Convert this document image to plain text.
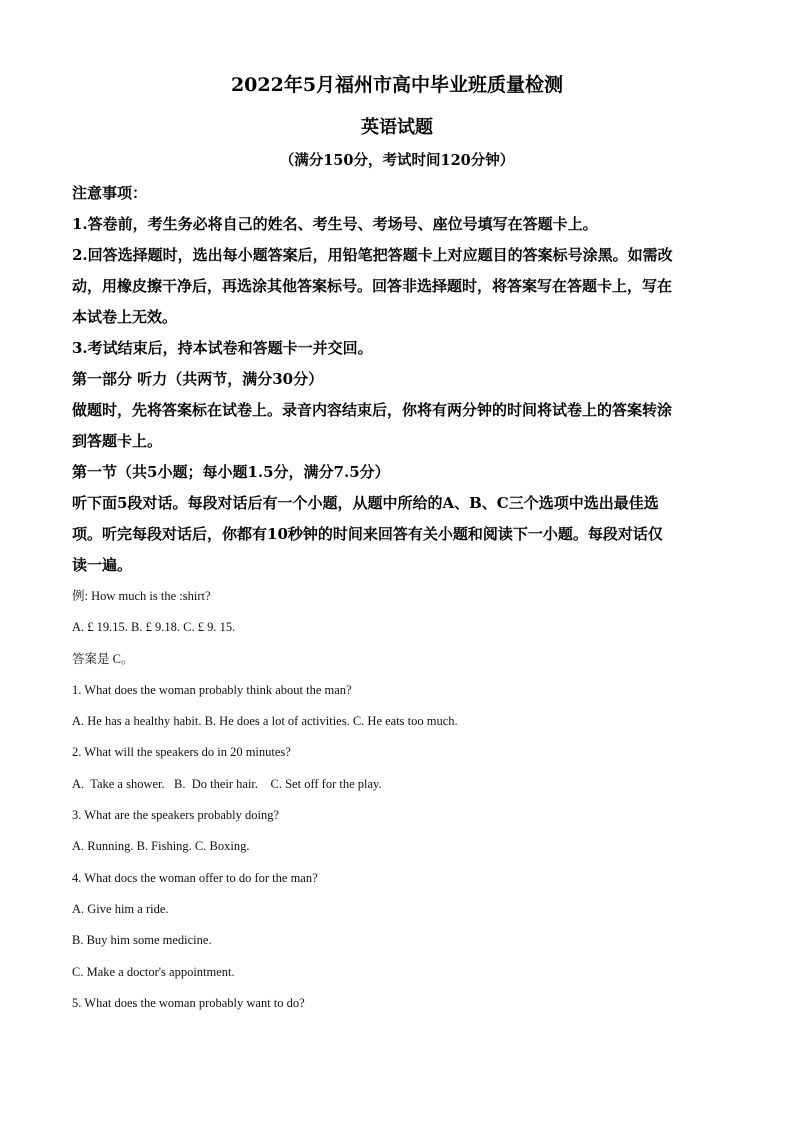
2022年5月福州市高中毕业班质量检测
英语试题
（满分150分，考试时间120分钟）
注意事项：
1.答卷前，考生务必将自己的姓名、考生号、考场号、座位号填写在答题卡上。
2.回答选择题时，选出每小题答案后，用铅笔把答题卡上对应题目的答案标号涂黑。如需改
动，用橡皮擦干净后，再选涂其他答案标号。回答非选择题时，将答案写在答题卡上，写在
本试卷上无效。
3.考试结束后，持本试卷和答题卡一并交回。
第一部分 听力（共两节，满分30分）
做题时，先将答案标在试卷上。录音内容结束后，你将有两分钟的时间将试卷上的答案转涂
到答题卡上。
第一节（共5小题；每小题1.5分，满分7.5分）
听下面5段对话。每段对话后有一个小题，从题中所给的A、B、C三个选项中选出最佳选
项。听完每段对话后，你都有10秒钟的时间来回答有关小题和阅读下一小题。每段对话仅
读一遍。
例: How much is the :shirt?
A. £ 19.15. B. £ 9.18. C. £ 9. 15.
答案是 C。
1. What does the woman probably think about the man?
A. He has a healthy habit. B. He does a lot of activities. C. He eats too much.
2. What will the speakers do in 20 minutes?
A.  Take a shower.   B.  Do their hair.    C. Set off for the play.
3. What are the speakers probably doing?
A. Running. B. Fishing. C. Boxing.
4. What docs the woman offer to do for the man?
A. Give him a ride.
B. Buy him some medicine.
C. Make a doctor's appointment.
5. What does the woman probably want to do?
